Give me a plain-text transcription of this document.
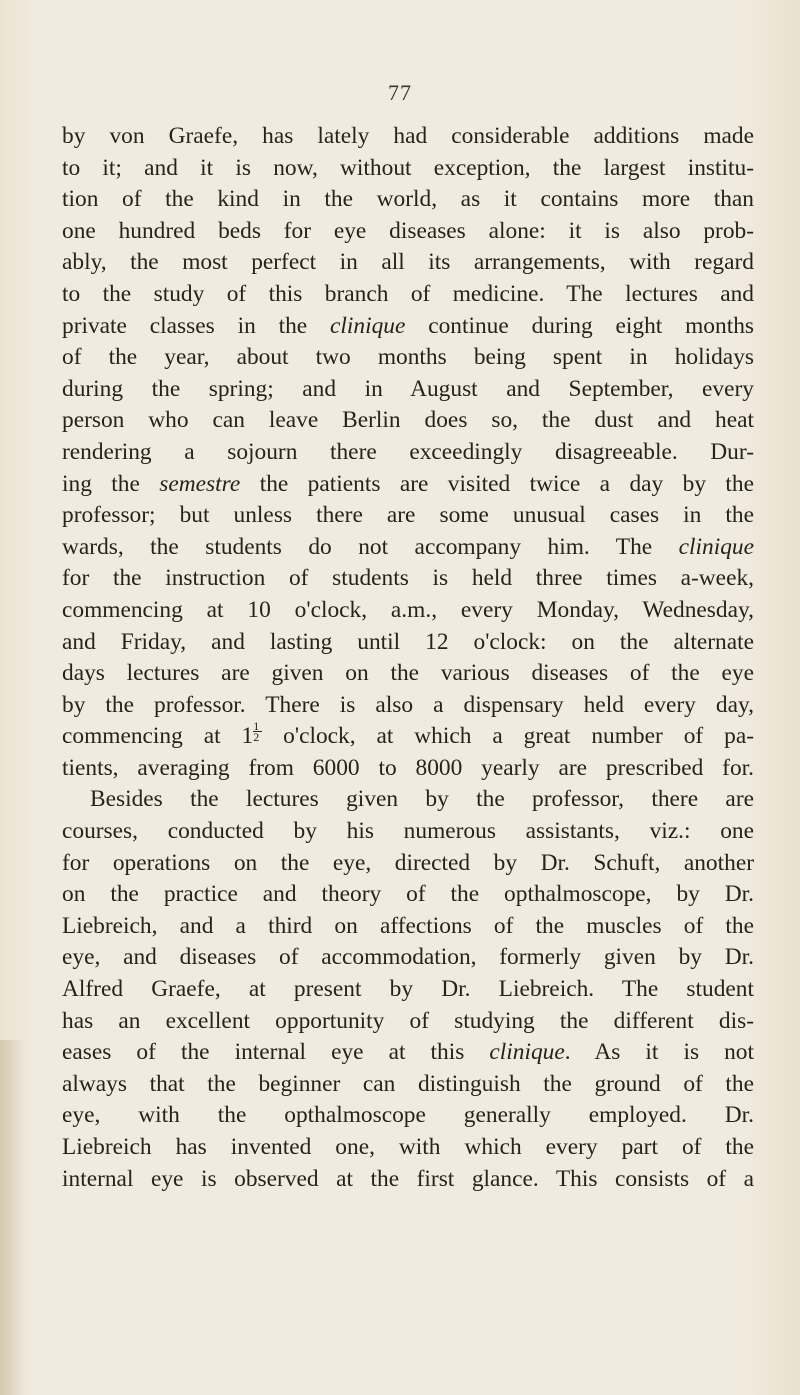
77
by von Graefe, has lately had considerable additions made
to it; and it is now, without exception, the largest institu-
tion of the kind in the world, as it contains more than
one hundred beds for eye diseases alone: it is also prob-
ably, the most perfect in all its arrangements, with regard
to the study of this branch of medicine. The lectures and
private classes in the clinique continue during eight months
of the year, about two months being spent in holidays
during the spring; and in August and September, every
person who can leave Berlin does so, the dust and heat
rendering a sojourn there exceedingly disagreeable. Dur-
ing the semestre the patients are visited twice a day by the
professor; but unless there are some unusual cases in the
wards, the students do not accompany him. The clinique
for the instruction of students is held three times a-week,
commencing at 10 o'clock, a.m., every Monday, Wednesday,
and Friday, and lasting until 12 o'clock: on the alternate
days lectures are given on the various diseases of the eye
by the professor. There is also a dispensary held every day,
commencing at $1 \frac{1}{2}$ o'clock, at which a great number of pa-
tients, averaging from 6000 to 8000 yearly are prescribed for.
Besides the lectures given by the professor, there are
courses, conducted by his numerous assistants, viz.: one
for operations on the eye, directed by Dr. Schuft, another
on the practice and theory of the opthalmoscope, by Dr.
Liebreich, and a third on affections of the muscles of the
eye, and diseases of accommodation, formerly given by Dr.
Alfred Graefe, at present by Dr. Liebreich. The student
has an excellent opportunity of studying the different dis-
eases of the internal eye at this clinique. As it is not
always that the beginner can distinguish the ground of the
eye, with the opthalmoscope generally employed. Dr.
Liebreich has invented one, with which every part of the
internal eye is observed at the first glance. This consists of a
